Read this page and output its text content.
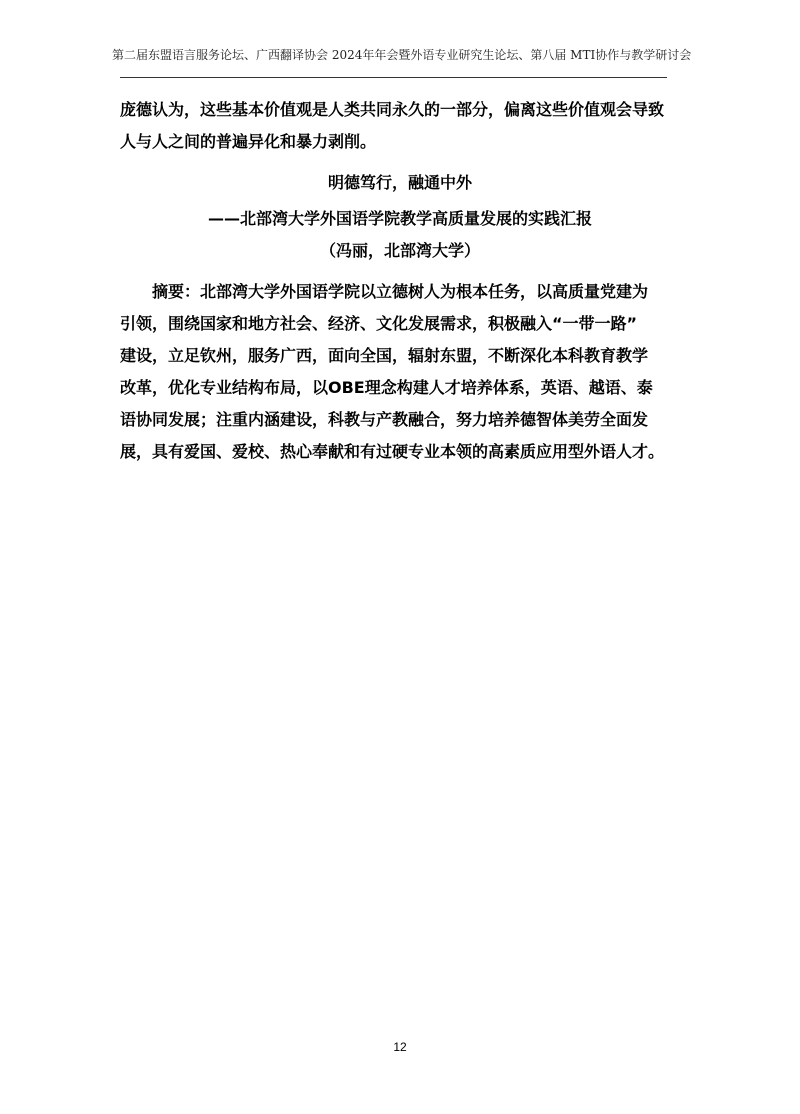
第二届东盟语言服务论坛、广西翻译协会 2024年年会暨外语专业研究生论坛、第八届 MTI协作与教学研讨会
庞德认为，这些基本价值观是人类共同永久的一部分，偏离这些价值观会导致
人与人之间的普遍异化和暴力剥削。
明德笃行，融通中外
——北部湾大学外国语学院教学高质量发展的实践汇报
（冯丽，北部湾大学）
摘要：北部湾大学外国语学院以立德树人为根本任务，以高质量党建为
引领，围绕国家和地方社会、经济、文化发展需求，积极融入“一带一路”
建设，立足钦州，服务广西，面向全国，辐射东盟，不断深化本科教育教学
改革，优化专业结构布局，以OBE理念构建人才培养体系，英语、越语、泰
语协同发展；注重内涵建设，科教与产教融合，努力培养德智体美劳全面发
展，具有爱国、爱校、热心奉献和有过硬专业本领的高素质应用型外语人才。
12
